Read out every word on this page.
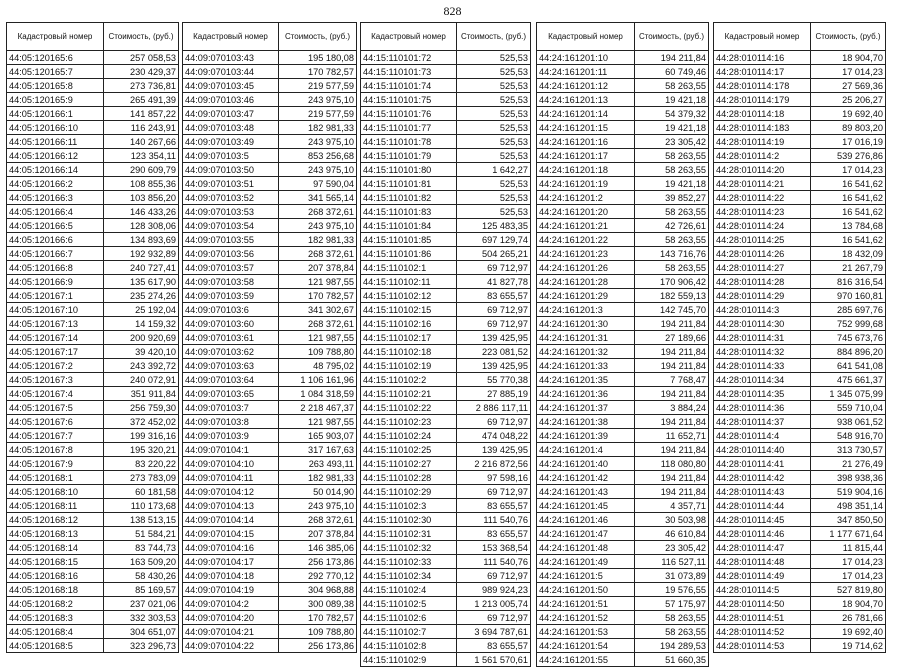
828
Кадастровый номер	Стоимость, (руб.)
44:05:120165:6	257 058,53
44:05:120165:7	230 429,37
44:05:120165:8	273 736,81
44:05:120165:9	265 491,39
44:05:120166:1	141 857,22
44:05:120166:10	116 243,91
44:05:120166:11	140 267,66
44:05:120166:12	123 354,11
44:05:120166:14	290 609,79
44:05:120166:2	108 855,36
44:05:120166:3	103 856,20
44:05:120166:4	146 433,26
44:05:120166:5	128 308,06
44:05:120166:6	134 893,69
44:05:120166:7	192 932,89
44:05:120166:8	240 727,41
44:05:120166:9	135 617,90
44:05:120167:1	235 274,26
44:05:120167:10	25 192,04
44:05:120167:13	14 159,32
44:05:120167:14	200 920,69
44:05:120167:17	39 420,10
44:05:120167:2	243 392,72
44:05:120167:3	240 072,91
44:05:120167:4	351 911,84
44:05:120167:5	256 759,30
44:05:120167:6	372 452,02
44:05:120167:7	199 316,16
44:05:120167:8	195 320,21
44:05:120167:9	83 220,22
44:05:120168:1	273 783,09
44:05:120168:10	60 181,58
44:05:120168:11	110 173,68
44:05:120168:12	138 513,15
44:05:120168:13	51 584,21
44:05:120168:14	83 744,73
44:05:120168:15	163 509,20
44:05:120168:16	58 430,26
44:05:120168:18	85 169,57
44:05:120168:2	237 021,06
44:05:120168:3	332 303,53
44:05:120168:4	304 651,07
44:05:120168:5	323 296,73
Кадастровый номер	Стоимость, (руб.)
44:09:070103:43	195 180,08
44:09:070103:44	170 782,57
44:09:070103:45	219 577,59
44:09:070103:46	243 975,10
44:09:070103:47	219 577,59
44:09:070103:48	182 981,33
44:09:070103:49	243 975,10
44:09:070103:5	853 256,68
44:09:070103:50	243 975,10
44:09:070103:51	97 590,04
44:09:070103:52	341 565,14
44:09:070103:53	268 372,61
44:09:070103:54	243 975,10
44:09:070103:55	182 981,33
44:09:070103:56	268 372,61
44:09:070103:57	207 378,84
44:09:070103:58	121 987,55
44:09:070103:59	170 782,57
44:09:070103:6	341 302,67
44:09:070103:60	268 372,61
44:09:070103:61	121 987,55
44:09:070103:62	109 788,80
44:09:070103:63	48 795,02
44:09:070103:64	1 106 161,96
44:09:070103:65	1 084 318,59
44:09:070103:7	2 218 467,37
44:09:070103:8	121 987,55
44:09:070103:9	165 903,07
44:09:070104:1	317 167,63
44:09:070104:10	263 493,11
44:09:070104:11	182 981,33
44:09:070104:12	50 014,90
44:09:070104:13	243 975,10
44:09:070104:14	268 372,61
44:09:070104:15	207 378,84
44:09:070104:16	146 385,06
44:09:070104:17	256 173,86
44:09:070104:18	292 770,12
44:09:070104:19	304 968,88
44:09:070104:2	300 089,38
44:09:070104:20	170 782,57
44:09:070104:21	109 788,80
44:09:070104:22	256 173,86
Кадастровый номер	Стоимость, (руб.)
44:15:110101:72	525,53
44:15:110101:73	525,53
44:15:110101:74	525,53
44:15:110101:75	525,53
44:15:110101:76	525,53
44:15:110101:77	525,53
44:15:110101:78	525,53
44:15:110101:79	525,53
44:15:110101:80	1 642,27
44:15:110101:81	525,53
44:15:110101:82	525,53
44:15:110101:83	525,53
44:15:110101:84	125 483,35
44:15:110101:85	697 129,74
44:15:110101:86	504 265,21
44:15:110102:1	69 712,97
44:15:110102:11	41 827,78
44:15:110102:12	83 655,57
44:15:110102:15	69 712,97
44:15:110102:16	69 712,97
44:15:110102:17	139 425,95
44:15:110102:18	223 081,52
44:15:110102:19	139 425,95
44:15:110102:2	55 770,38
44:15:110102:21	27 885,19
44:15:110102:22	2 886 117,11
44:15:110102:23	69 712,97
44:15:110102:24	474 048,22
44:15:110102:25	139 425,95
44:15:110102:27	2 216 872,56
44:15:110102:28	97 598,16
44:15:110102:29	69 712,97
44:15:110102:3	83 655,57
44:15:110102:30	111 540,76
44:15:110102:31	83 655,57
44:15:110102:32	153 368,54
44:15:110102:33	111 540,76
44:15:110102:34	69 712,97
44:15:110102:4	989 924,23
44:15:110102:5	1 213 005,74
44:15:110102:6	69 712,97
44:15:110102:7	3 694 787,61
44:15:110102:8	83 655,57
44:15:110102:9	1 561 570,61
Кадастровый номер	Стоимость, (руб.)
44:24:161201:10	194 211,84
44:24:161201:11	60 749,46
44:24:161201:12	58 263,55
44:24:161201:13	19 421,18
44:24:161201:14	54 379,32
44:24:161201:15	19 421,18
44:24:161201:16	23 305,42
44:24:161201:17	58 263,55
44:24:161201:18	58 263,55
44:24:161201:19	19 421,18
44:24:161201:2	39 852,27
44:24:161201:20	58 263,55
44:24:161201:21	42 726,61
44:24:161201:22	58 263,55
44:24:161201:23	143 716,76
44:24:161201:26	58 263,55
44:24:161201:28	170 906,42
44:24:161201:29	182 559,13
44:24:161201:3	142 745,70
44:24:161201:30	194 211,84
44:24:161201:31	27 189,66
44:24:161201:32	194 211,84
44:24:161201:33	194 211,84
44:24:161201:35	7 768,47
44:24:161201:36	194 211,84
44:24:161201:37	3 884,24
44:24:161201:38	194 211,84
44:24:161201:39	11 652,71
44:24:161201:4	194 211,84
44:24:161201:40	118 080,80
44:24:161201:42	194 211,84
44:24:161201:43	194 211,84
44:24:161201:45	4 357,71
44:24:161201:46	30 503,98
44:24:161201:47	46 610,84
44:24:161201:48	23 305,42
44:24:161201:49	116 527,11
44:24:161201:5	31 073,89
44:24:161201:50	19 576,55
44:24:161201:51	57 175,97
44:24:161201:52	58 263,55
44:24:161201:53	58 263,55
44:24:161201:54	194 289,53
44:24:161201:55	51 660,35
Кадастровый номер	Стоимость, (руб.)
44:28:010114:16	18 904,70
44:28:010114:17	17 014,23
44:28:010114:178	27 569,36
44:28:010114:179	25 206,27
44:28:010114:18	19 692,40
44:28:010114:183	89 803,20
44:28:010114:19	17 016,19
44:28:010114:2	539 276,86
44:28:010114:20	17 014,23
44:28:010114:21	16 541,62
44:28:010114:22	16 541,62
44:28:010114:23	16 541,62
44:28:010114:24	13 784,68
44:28:010114:25	16 541,62
44:28:010114:26	18 432,09
44:28:010114:27	21 267,79
44:28:010114:28	816 316,54
44:28:010114:29	970 160,81
44:28:010114:3	285 697,76
44:28:010114:30	752 999,68
44:28:010114:31	745 673,76
44:28:010114:32	884 896,20
44:28:010114:33	641 541,08
44:28:010114:34	475 661,37
44:28:010114:35	1 345 075,99
44:28:010114:36	559 710,04
44:28:010114:37	938 061,52
44:28:010114:4	548 916,70
44:28:010114:40	313 730,57
44:28:010114:41	21 276,49
44:28:010114:42	398 938,36
44:28:010114:43	519 904,16
44:28:010114:44	498 351,14
44:28:010114:45	347 850,50
44:28:010114:46	1 177 671,64
44:28:010114:47	11 815,44
44:28:010114:48	17 014,23
44:28:010114:49	17 014,23
44:28:010114:5	527 819,80
44:28:010114:50	18 904,70
44:28:010114:51	26 781,66
44:28:010114:52	19 692,40
44:28:010114:53	19 714,62
